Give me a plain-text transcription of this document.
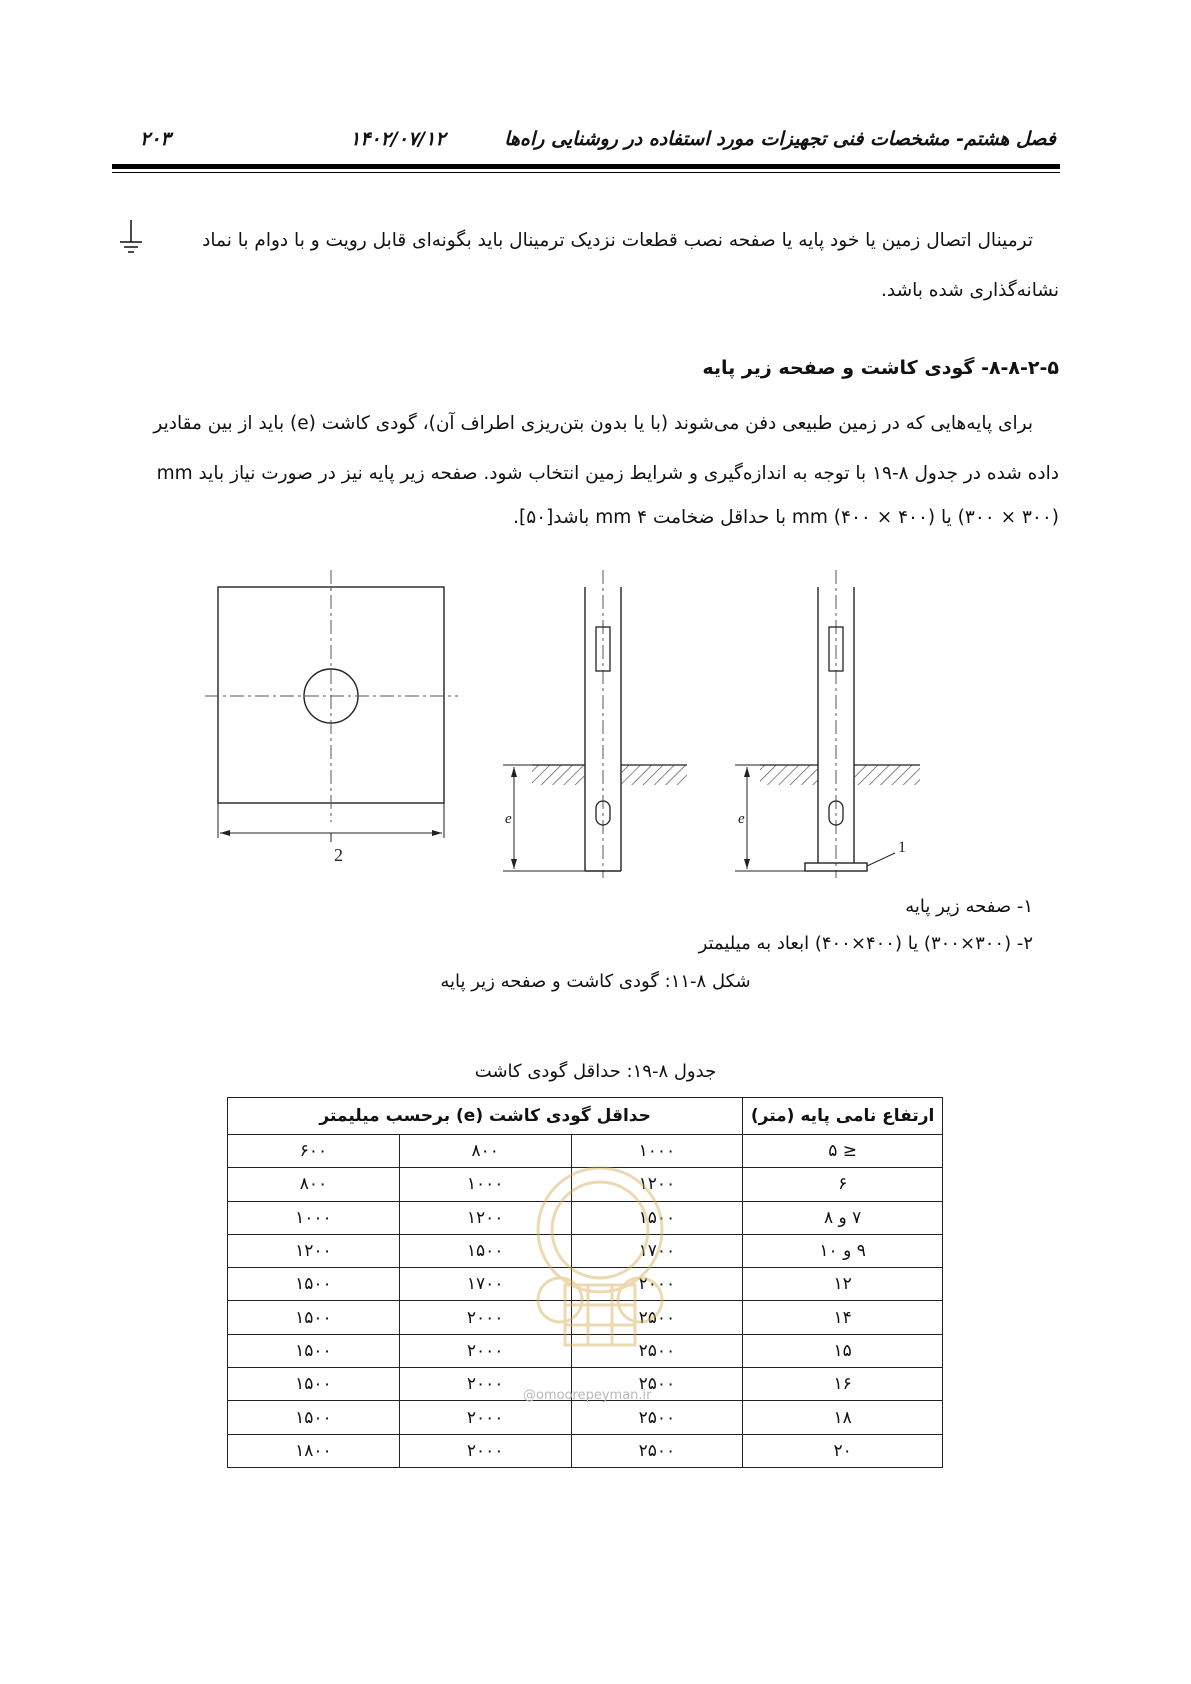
۲۰۳	۱۴۰۲/۰۷/۱۲	فصل هشتم- مشخصات فنی تجهیزات مورد استفاده در روشنایی راه‌ها
ترمینال اتصال زمین یا خود پایه یا صفحه نصب قطعات نزدیک ترمینال باید بگونه‌ای قابل رویت و با دوام با نماد
نشانه‌گذاری شده باشد.
۸-۸-۲-۵- گودی کاشت و صفحه زیر پایه
برای پایه‌هایی که در زمین طبیعی دفن می‌شوند (با یا بدون بتن‌ریزی اطراف آن)، گودی کاشت (e) باید از بین مقادیر
داده شده در جدول ۸-۱۹ با توجه به اندازه‌گیری و شرایط زمین انتخاب شود. صفحه زیر پایه نیز در صورت نیاز باید mm
(۳۰۰ × ۳۰۰) یا mm (۴۰۰ × ۴۰۰) با حداقل ضخامت mm ۴ باشد[۵۰].
2
e	e
1
۱- صفحه زیر پایه
۲- (۳۰۰×۳۰۰) یا (۴۰۰×۴۰۰) ابعاد به میلیمتر
شکل ۸-۱۱: گودی کاشت و صفحه زیر پایه
جدول ۸-۱۹: حداقل گودی کاشت
ارتفاع نامی پایه (متر)	حداقل گودی کاشت (e) برحسب میلیمتر		
≤ ۵	۱۰۰۰	۸۰۰	۶۰۰
۶	۱۲۰۰	۱۰۰۰	۸۰۰
۷ و ۸	۱۵۰۰	۱۲۰۰	۱۰۰۰
۹ و ۱۰	۱۷۰۰	۱۵۰۰	۱۲۰۰
۱۲	۲۰۰۰	۱۷۰۰	۱۵۰۰
۱۴	۲۵۰۰	۲۰۰۰	۱۵۰۰
۱۵	۲۵۰۰	۲۰۰۰	۱۵۰۰
۱۶	۲۵۰۰	۲۰۰۰	۱۵۰۰
۱۸	۲۵۰۰	۲۰۰۰	۱۵۰۰
۲۰	۲۵۰۰	۲۰۰۰	۱۸۰۰
@omoorepeyman.ir
